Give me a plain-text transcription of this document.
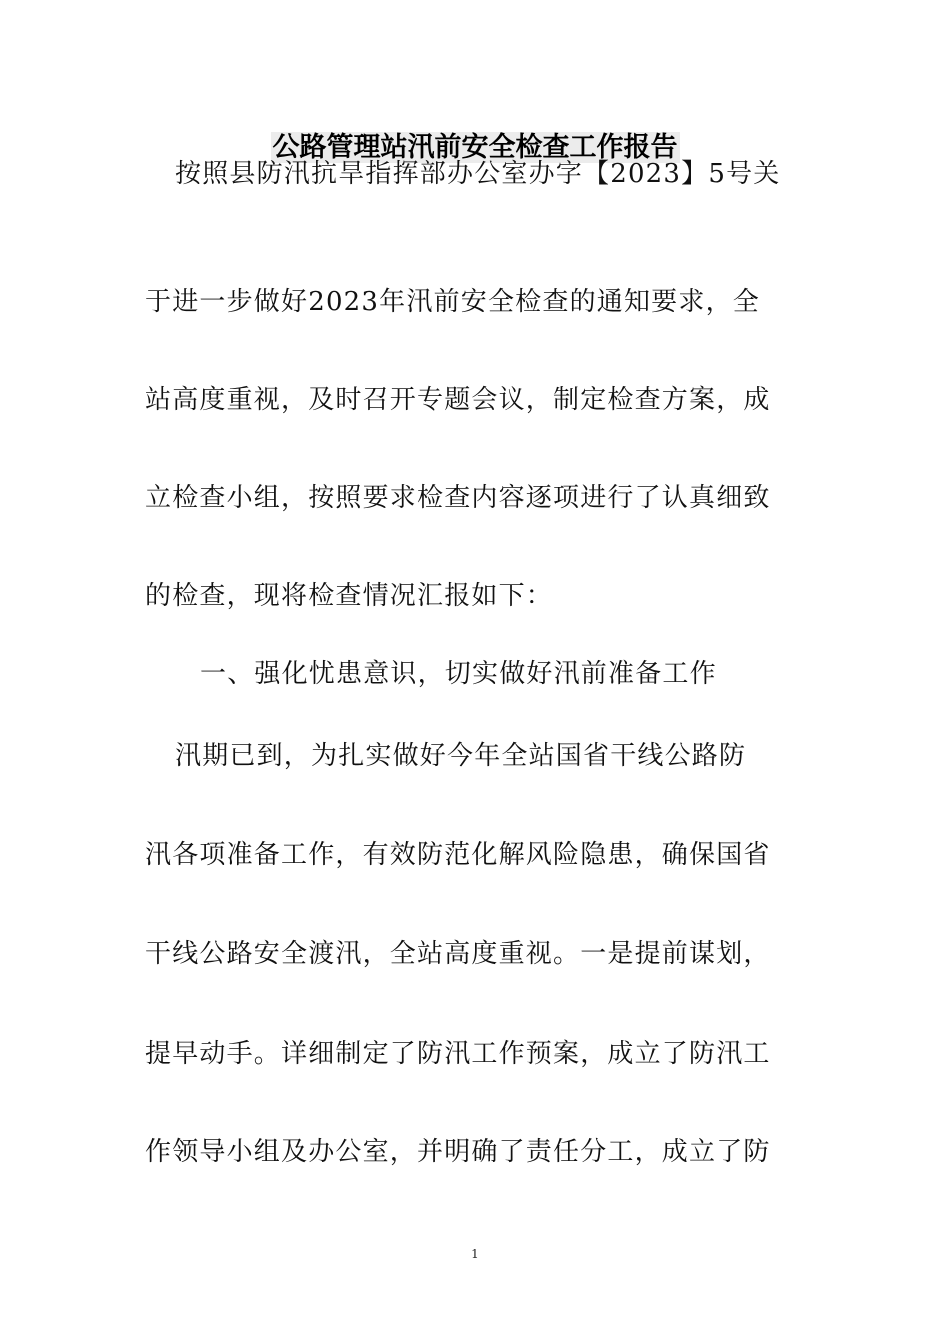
公路管理站汛前安全检查工作报告
按照县防汛抗旱指挥部办公室办字【2023】5号关
于进一步做好2023年汛前安全检查的通知要求，全
站高度重视，及时召开专题会议，制定检查方案，成
立检查小组，按照要求检查内容逐项进行了认真细致
的检查，现将检查情况汇报如下：
一、强化忧患意识，切实做好汛前准备工作
汛期已到，为扎实做好今年全站国省干线公路防
汛各项准备工作，有效防范化解风险隐患，确保国省
干线公路安全渡汛，全站高度重视。一是提前谋划，
提早动手。详细制定了防汛工作预案，成立了防汛工
作领导小组及办公室，并明确了责任分工，成立了防
1
